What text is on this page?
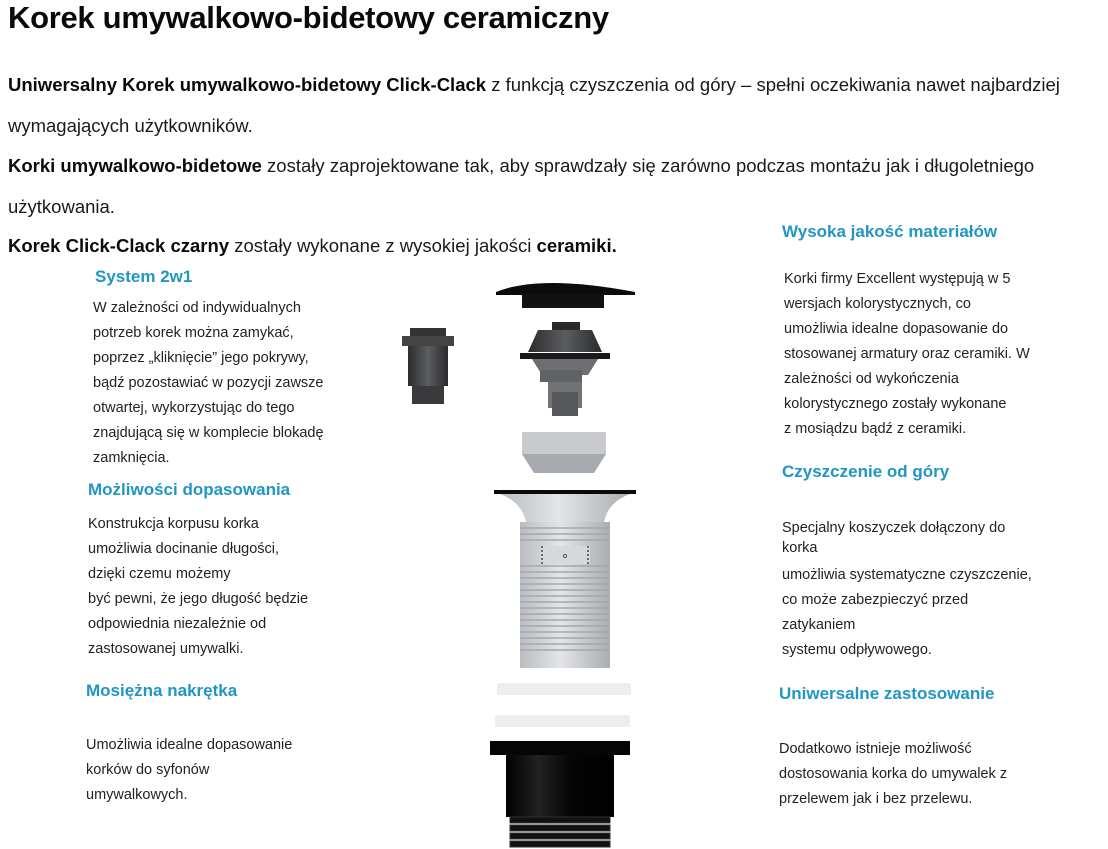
Korek umywalkowo-bidetowy ceramiczny
Uniwersalny Korek umywalkowo-bidetowy Click-Clack z funkcją czyszczenia od góry – spełni oczekiwania nawet najbardziej
wymagających użytkowników.
Korki umywalkowo-bidetowe zostały zaprojektowane tak, aby sprawdzały się zarówno podczas montażu jak i długoletniego
użytkowania.
Korek Click-Clack czarny zostały wykonane z wysokiej jakości ceramiki.
System 2w1
W zależności od indywidualnych
potrzeb korek można zamykać,
poprzez „kliknięcie” jego pokrywy,
bądź pozostawiać w pozycji zawsze
otwartej, wykorzystując do tego
znajdującą się w komplecie blokadę
zamknięcia.
Możliwości dopasowania
Konstrukcja korpusu korka
umożliwia docinanie długości,
dzięki czemu możemy
być pewni, że jego długość będzie
odpowiednia niezależnie od
zastosowanej umywalki.
Mosiężna nakrętka
Umożliwia idealne dopasowanie
korków do syfonów
umywalkowych.
Wysoka jakość materiałów
Korki firmy Excellent występują w 5
wersjach kolorystycznych, co
umożliwia idealne dopasowanie do
stosowanej armatury oraz ceramiki. W
zależności od wykończenia
kolorystycznego zostały wykonane
z mosiądzu bądź z ceramiki.
Czyszczenie od góry
Specjalny koszyczek dołączony do
korka
umożliwia systematyczne czyszczenie,
co może zabezpieczyć przed
zatykaniem
systemu odpływowego.
Uniwersalne zastosowanie
Dodatkowo istnieje możliwość
dostosowania korka do umywalek z
przelewem jak i bez przelewu.
